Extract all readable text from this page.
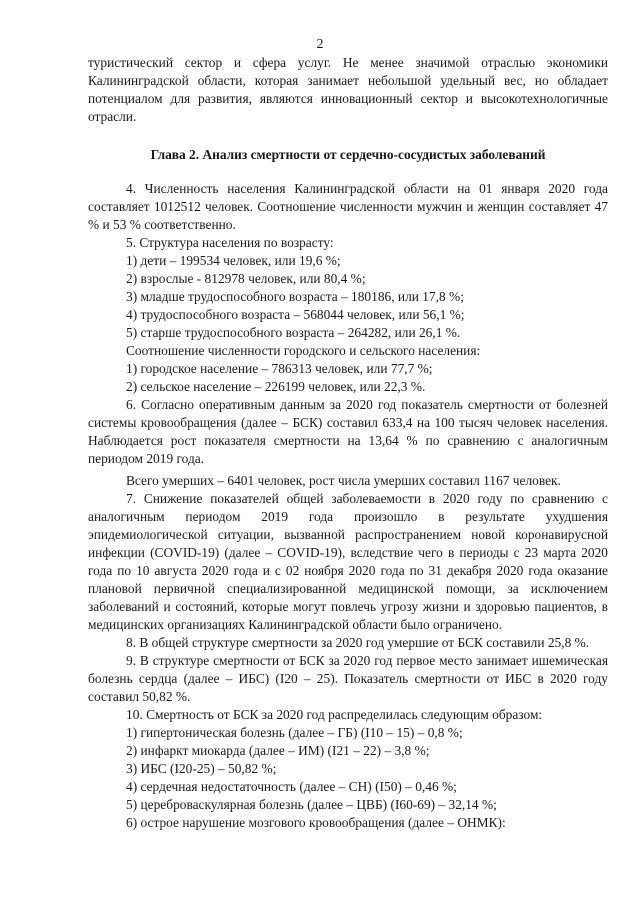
2

туристический сектор и сфера услуг. Не менее значимой отраслью экономики Калининградской области, которая занимает небольшой удельный вес, но обладает потенциалом для развития, являются инновационный сектор и высокотехнологичные отрасли.

Глава 2. Анализ смертности от сердечно-сосудистых заболеваний

4. Численность населения Калининградской области на 01 января 2020 года составляет 1012512 человек. Соотношение численности мужчин и женщин составляет 47 % и 53 % соответственно.

5. Структура населения по возрасту:

1) дети – 199534 человек, или 19,6 %;

2) взрослые - 812978 человек, или 80,4 %;

3) младше трудоспособного возраста – 180186, или 17,8 %;

4) трудоспособного возраста – 568044 человек, или 56,1 %;

5) старше трудоспособного возраста – 264282, или 26,1 %.

Соотношение численности городского и сельского населения:

1) городское население – 786313 человек, или 77,7 %;

2) сельское население – 226199 человек, или 22,3 %.

6. Согласно оперативным данным за 2020 год показатель смертности от болезней системы кровообращения (далее – БСК) составил 633,4 на 100 тысяч человек населения. Наблюдается рост показателя смертности на 13,64 % по сравнению с аналогичным периодом 2019 года.

Всего умерших – 6401 человек, рост числа умерших составил 1167 человек.

7. Снижение показателей общей заболеваемости в 2020 году по сравнению с аналогичным периодом 2019 года произошло в результате ухудшения эпидемиологической ситуации, вызванной распространением новой коронавирусной инфекции (COVID-19) (далее – COVID-19), вследствие чего в периоды с 23 марта 2020 года по 10 августа 2020 года и с 02 ноября 2020 года по 31 декабря 2020 года оказание плановой первичной специализированной медицинской помощи, за исключением заболеваний и состояний, которые могут повлечь угрозу жизни и здоровью пациентов, в медицинских организациях Калининградской области было ограничено.

8. В общей структуре смертности за 2020 год умершие от БСК составили 25,8 %.

9. В структуре смертности от БСК за 2020 год первое место занимает ишемическая болезнь сердца (далее – ИБС) (I20 – 25). Показатель смертности от ИБС в 2020 году составил 50,82 %.

10. Смертность от БСК за 2020 год распределилась следующим образом:

1) гипертоническая болезнь (далее – ГБ) (I10 – 15) – 0,8 %;

2) инфаркт миокарда (далее – ИМ) (I21 – 22) – 3,8 %;

3) ИБС (I20-25) – 50,82 %;

4) сердечная недостаточность (далее – СН) (I50) – 0,46 %;

5) цереброваскулярная болезнь (далее – ЦВБ) (I60-69) – 32,14 %;

6) острое нарушение мозгового кровообращения (далее – ОНМК):
